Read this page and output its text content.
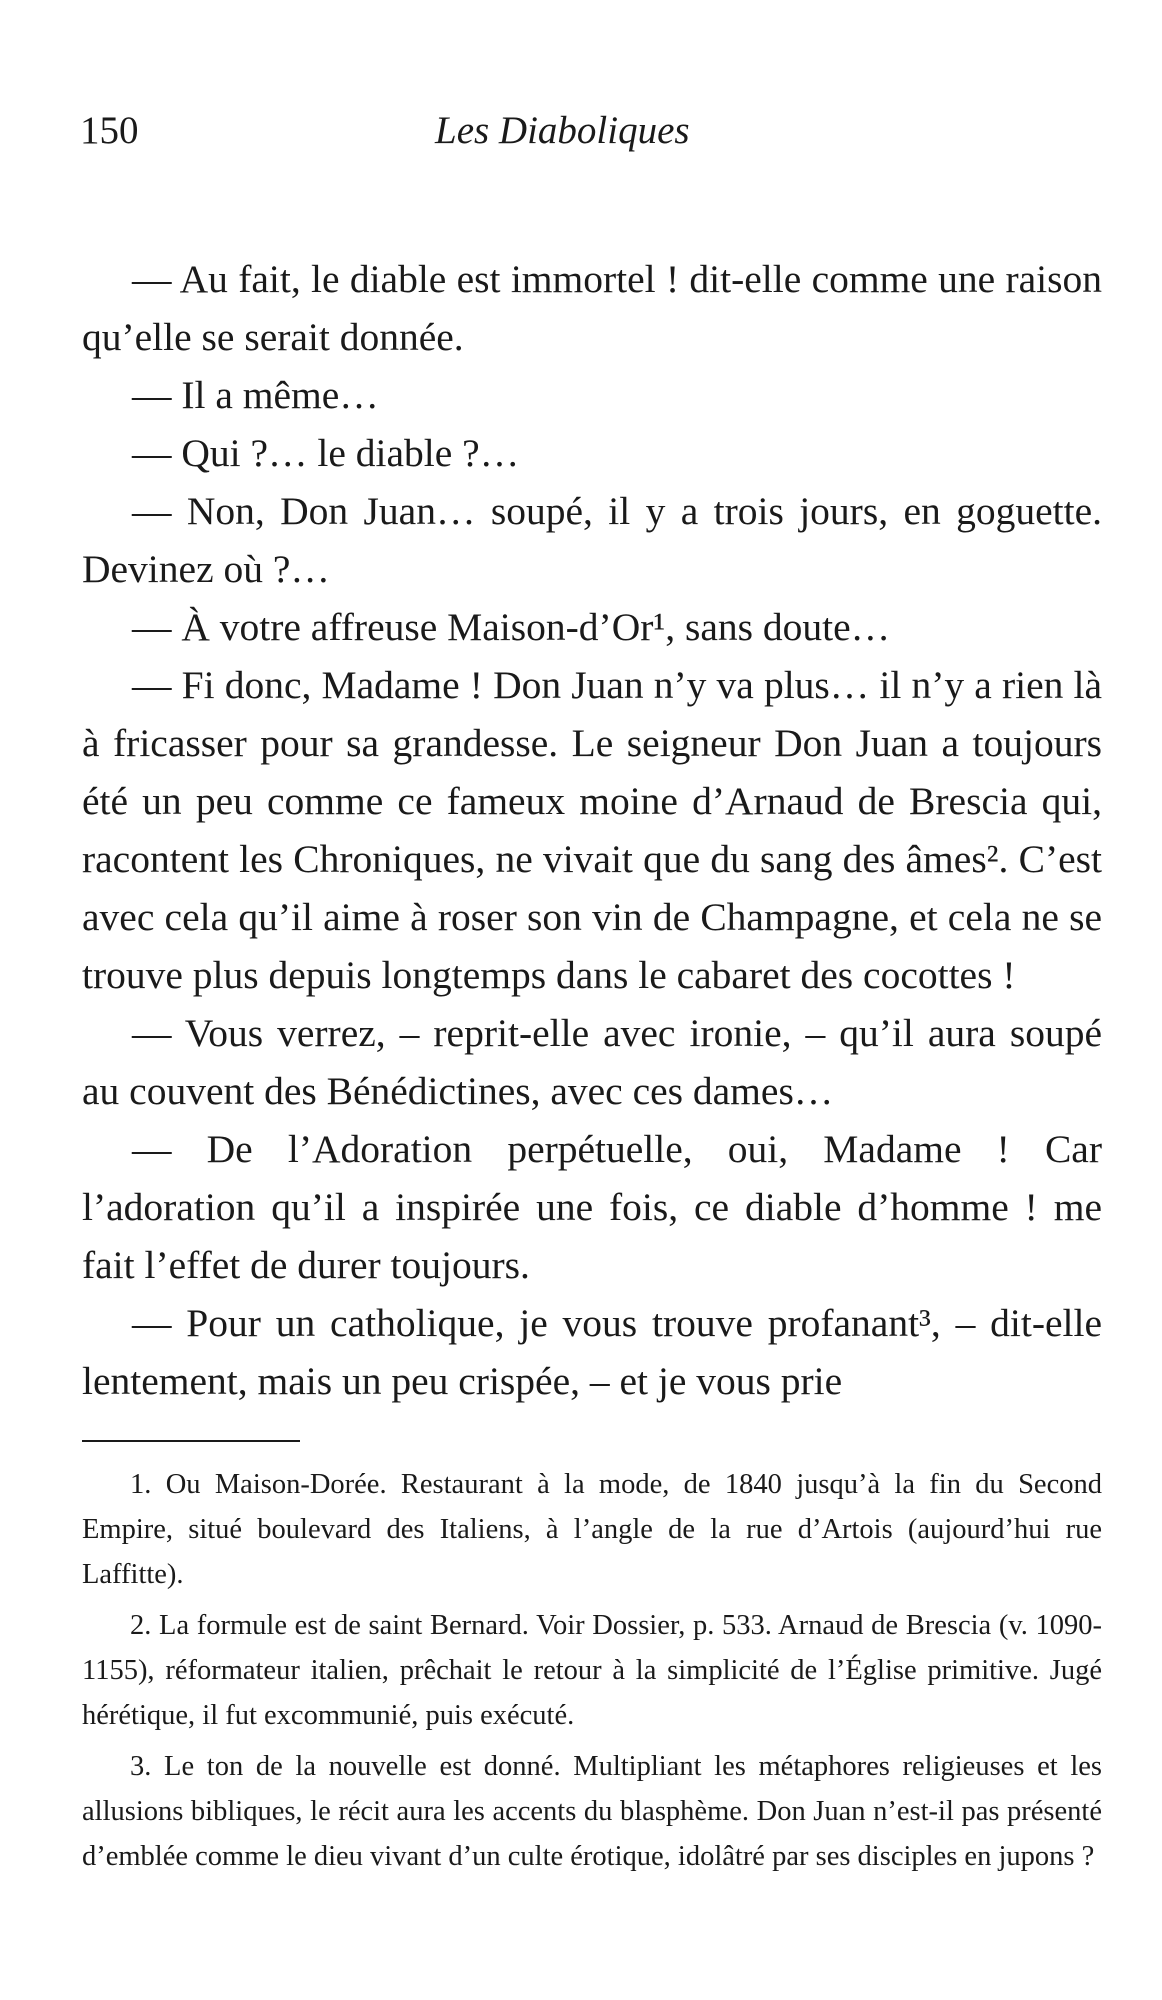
150	Les Diaboliques

— Au fait, le diable est immortel ! dit-elle comme une raison qu’elle se serait donnée.

— Il a même…

— Qui ?… le diable ?…

— Non, Don Juan… soupé, il y a trois jours, en goguette. Devinez où ?…

— À votre affreuse Maison-d’Or¹, sans doute…

— Fi donc, Madame ! Don Juan n’y va plus… il n’y a rien là à fricasser pour sa grandesse. Le seigneur Don Juan a toujours été un peu comme ce fameux moine d’Arnaud de Brescia qui, racontent les Chroniques, ne vivait que du sang des âmes². C’est avec cela qu’il aime à roser son vin de Champagne, et cela ne se trouve plus depuis longtemps dans le cabaret des cocottes !

— Vous verrez, – reprit-elle avec ironie, – qu’il aura soupé au couvent des Bénédictines, avec ces dames…

— De l’Adoration perpétuelle, oui, Madame ! Car l’adoration qu’il a inspirée une fois, ce diable d’homme ! me fait l’effet de durer toujours.

— Pour un catholique, je vous trouve profanant³, – dit-elle lentement, mais un peu crispée, – et je vous prie

1. Ou Maison-Dorée. Restaurant à la mode, de 1840 jusqu’à la fin du Second Empire, situé boulevard des Italiens, à l’angle de la rue d’Artois (aujourd’hui rue Laffitte).

2. La formule est de saint Bernard. Voir Dossier, p. 533. Arnaud de Brescia (v. 1090-1155), réformateur italien, prêchait le retour à la simplicité de l’Église primitive. Jugé hérétique, il fut excommunié, puis exécuté.

3. Le ton de la nouvelle est donné. Multipliant les métaphores religieuses et les allusions bibliques, le récit aura les accents du blasphème. Don Juan n’est-il pas présenté d’emblée comme le dieu vivant d’un culte érotique, idolâtré par ses disciples en jupons ?
